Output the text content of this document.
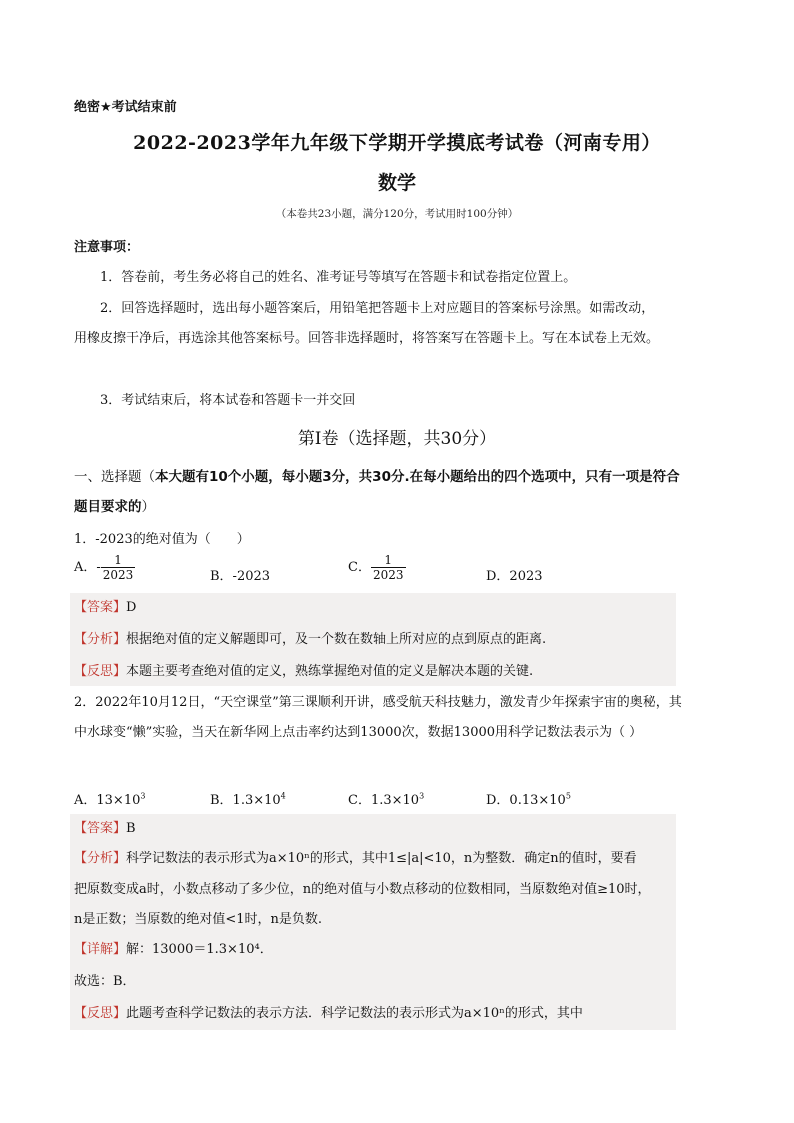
绝密★考试结束前
2022-2023学年九年级下学期开学摸底考试卷（河南专用）
数学
（本卷共23小题，满分120分，考试用时100分钟）
注意事项：
1．答卷前，考生务必将自己的姓名、准考证号等填写在答题卡和试卷指定位置上。
2．回答选择题时，选出每小题答案后，用铅笔把答题卡上对应题目的答案标号涂黑。如需改动，用橡皮擦干净后，再选涂其他答案标号。回答非选择题时，将答案写在答题卡上。写在本试卷上无效。
3．考试结束后，将本试卷和答题卡一并交回
第Ⅰ卷（选择题，共30分）
一、选择题（本大题有10个小题，每小题3分，共30分.在每小题给出的四个选项中，只有一项是符合题目要求的）
1．-2023的绝对值为（　　）
A．- $\frac{1}{2023}$	B．-2023
C． $\frac{1}{2023}$	D．2023
【答案】D
【分析】根据绝对值的定义解题即可，及一个数在数轴上所对应的点到原点的距离.
【反思】本题主要考查绝对值的定义，熟练掌握绝对值的定义是解决本题的关键.
2．2022年10月12日，“天空课堂”第三课顺利开讲，感受航天科技魅力，激发青少年探索宇宙的奥秘，其中水球变“懒”实验，当天在新华网上点击率约达到13000次，数据13000用科学记数法表示为（ ）
A．$13\times 10^3$	B．$1.3\times 10^4$	C．$1.3\times 10^3$	D．$0.13\times 10^5$
【答案】B
【分析】科学记数法的表示形式为a×10ⁿ的形式，其中1≤|a|<10，n为整数．确定n的值时，要看
把原数变成a时，小数点移动了多少位，n的绝对值与小数点移动的位数相同，当原数绝对值≥10时，
n是正数；当原数的绝对值<1时，n是负数.
【详解】解：13000＝1.3×10⁴．
故选：B．
【反思】此题考查科学记数法的表示方法．科学记数法的表示形式为a×10ⁿ的形式，其中
